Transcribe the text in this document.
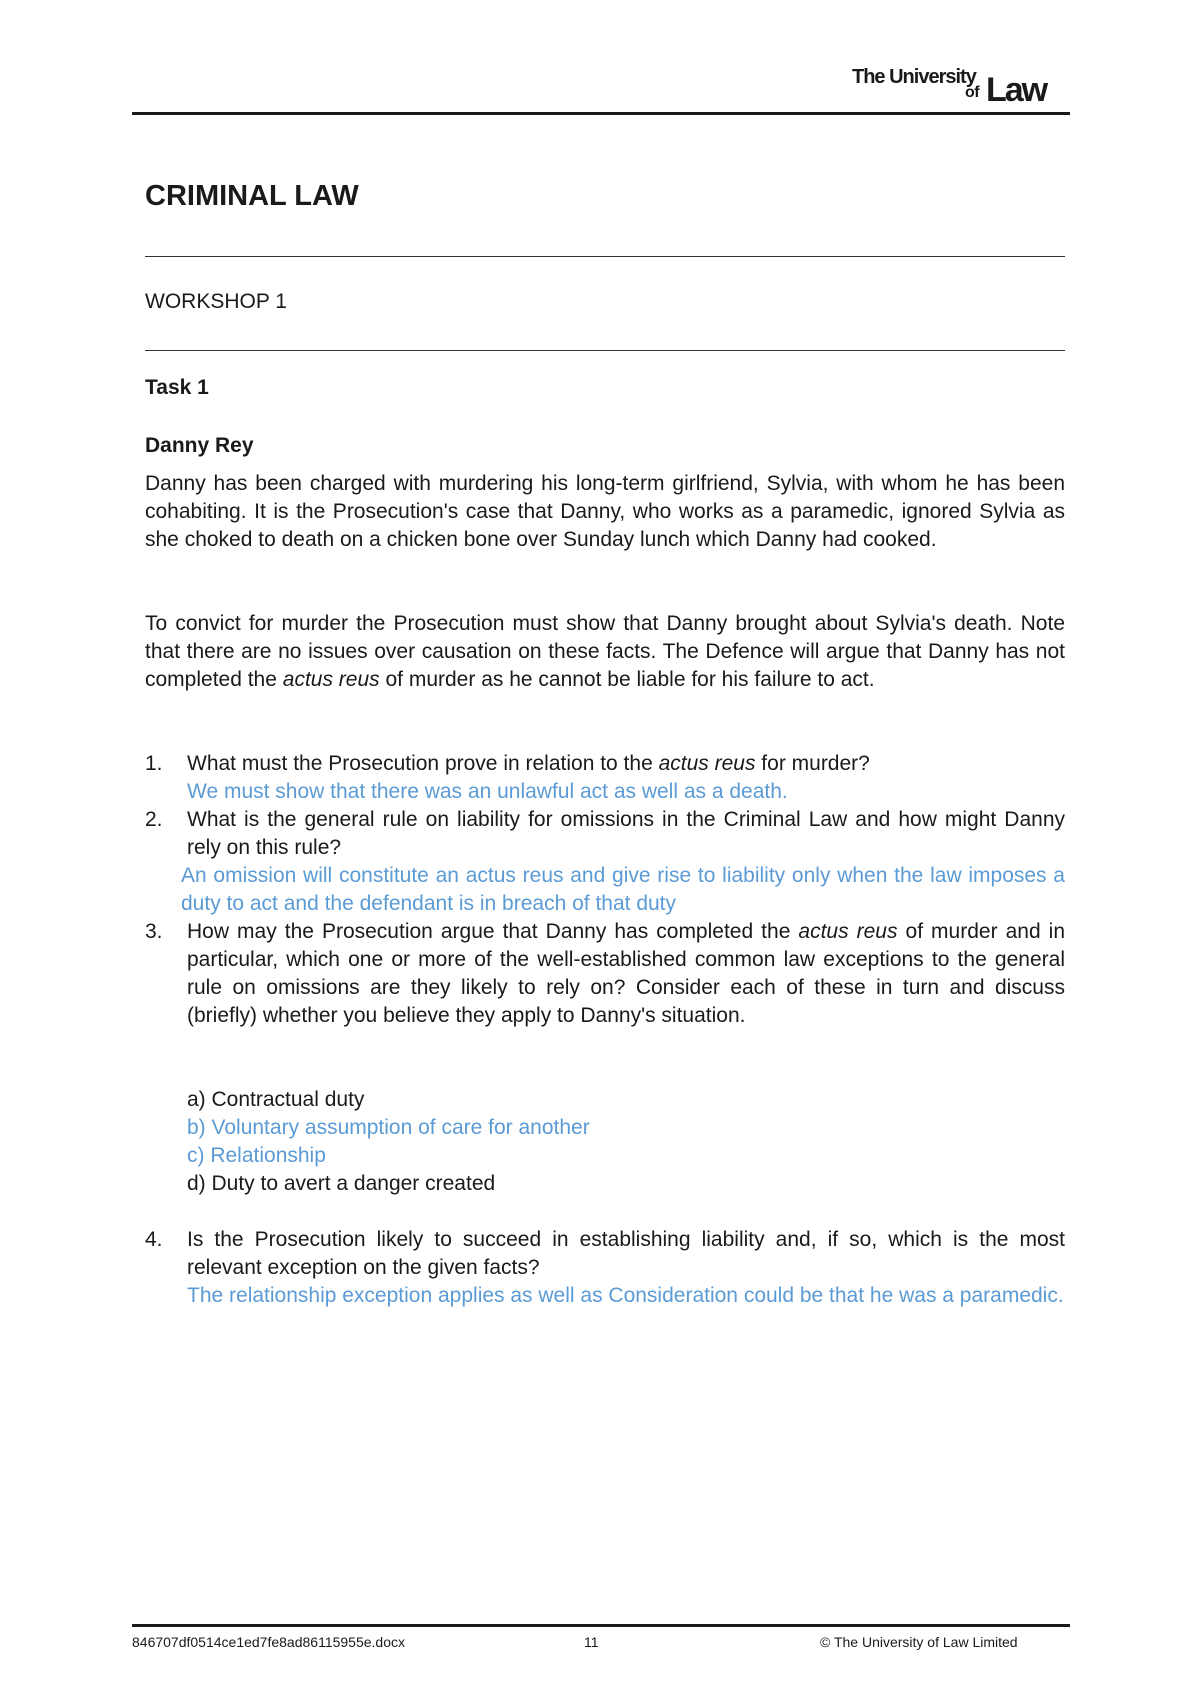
The University
of Law
CRIMINAL LAW
WORKSHOP 1
Task 1
Danny Rey
Danny has been charged with murdering his long-term girlfriend, Sylvia, with whom he has been cohabiting. It is the Prosecution's case that Danny, who works as a paramedic, ignored Sylvia as she choked to death on a chicken bone over Sunday lunch which Danny had cooked.
To convict for murder the Prosecution must show that Danny brought about Sylvia's death. Note that there are no issues over causation on these facts. The Defence will argue that Danny has not completed the actus reus of murder as he cannot be liable for his failure to act.
1. What must the Prosecution prove in relation to the actus reus for murder?
We must show that there was an unlawful act as well as a death.
2. What is the general rule on liability for omissions in the Criminal Law and how might Danny rely on this rule?
An omission will constitute an actus reus and give rise to liability only when the law imposes a duty to act and the defendant is in breach of that duty
3. How may the Prosecution argue that Danny has completed the actus reus of murder and in particular, which one or more of the well-established common law exceptions to the general rule on omissions are they likely to rely on? Consider each of these in turn and discuss (briefly) whether you believe they apply to Danny's situation.
a) Contractual duty
b) Voluntary assumption of care for another
c) Relationship
d) Duty to avert a danger created
4. Is the Prosecution likely to succeed in establishing liability and, if so, which is the most relevant exception on the given facts?
The relationship exception applies as well as Consideration could be that he was a paramedic.
846707df0514ce1ed7fe8ad86115955e.docx	11	© The University of Law Limited
